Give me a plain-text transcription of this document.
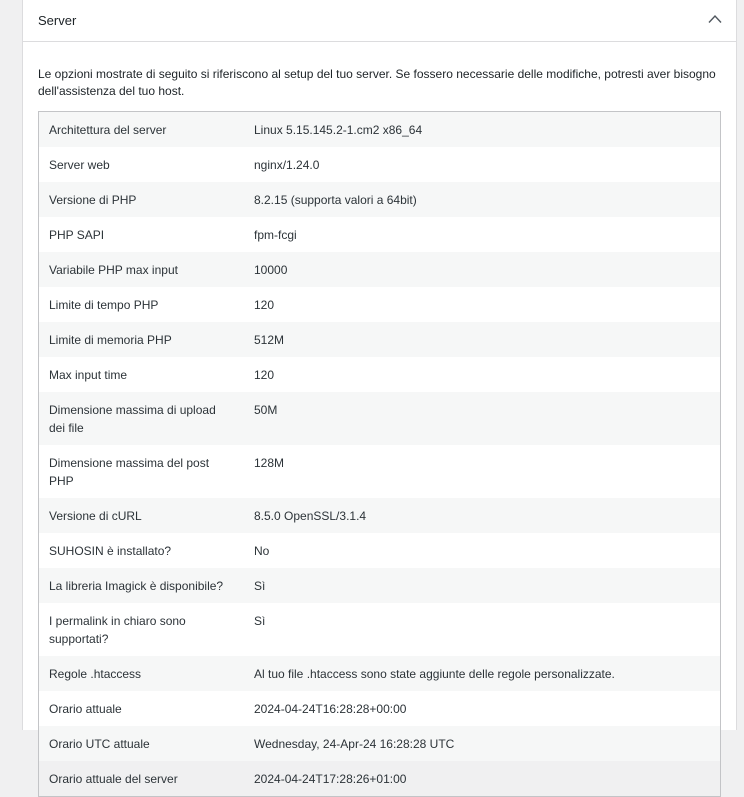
Server

Le opzioni mostrate di seguito si riferiscono al setup del tuo server. Se fossero necessarie delle modifiche, potresti aver bisogno dell'assistenza del tuo host.

Architettura del server	Linux 5.15.145.2-1.cm2 x86_64
Server web	nginx/1.24.0
Versione di PHP	8.2.15 (supporta valori a 64bit)
PHP SAPI	fpm-fcgi
Variabile PHP max input	10000
Limite di tempo PHP	120
Limite di memoria PHP	512M
Max input time	120
Dimensione massima di upload dei file	50M
Dimensione massima del post PHP	128M
Versione di cURL	8.5.0 OpenSSL/3.1.4
SUHOSIN è installato?	No
La libreria Imagick è disponibile?	Sì
I permalink in chiaro sono supportati?	Sì
Regole .htaccess	Al tuo file .htaccess sono state aggiunte delle regole personalizzate.
Orario attuale	2024-04-24T16:28:28+00:00
Orario UTC attuale	Wednesday, 24-Apr-24 16:28:28 UTC
Orario attuale del server	2024-04-24T17:28:26+01:00
